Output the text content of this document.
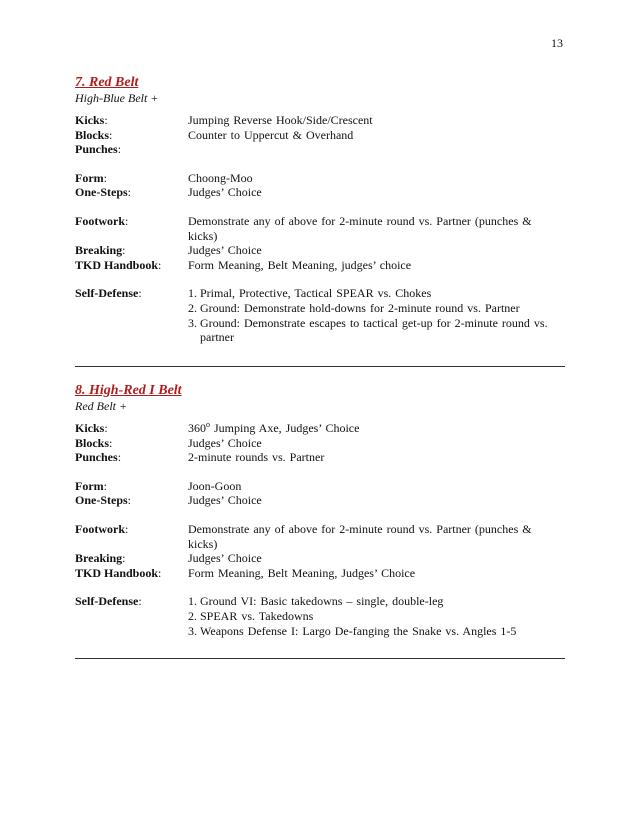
13
7. Red Belt
High-Blue Belt +
Kicks:	Jumping Reverse Hook/Side/Crescent
Blocks:	Counter to Uppercut & Overhand
Punches:
Form:	Choong-Moo
One-Steps:	Judges’ Choice
Footwork:	Demonstrate any of above for 2-minute round vs. Partner (punches &
kicks)
Breaking:	Judges’ Choice
TKD Handbook:	Form Meaning, Belt Meaning, judges’ choice
Self-Defense:	1. Primal, Protective, Tactical SPEAR vs. Chokes
2. Ground: Demonstrate hold-downs for 2-minute round vs. Partner
3. Ground: Demonstrate escapes to tactical get-up for 2-minute round vs.
partner
8. High-Red I Belt
Red Belt +
Kicks:	360$^o$ Jumping Axe, Judges’ Choice
Blocks:	Judges’ Choice
Punches:	2-minute rounds vs. Partner
Form:	Joon-Goon
One-Steps:	Judges’ Choice
Footwork:	Demonstrate any of above for 2-minute round vs. Partner (punches &
kicks)
Breaking:	Judges’ Choice
TKD Handbook:	Form Meaning, Belt Meaning, Judges’ Choice
Self-Defense:	1. Ground VI: Basic takedowns – single, double-leg
2. SPEAR vs. Takedowns
3. Weapons Defense I: Largo De-fanging the Snake vs. Angles 1-5
